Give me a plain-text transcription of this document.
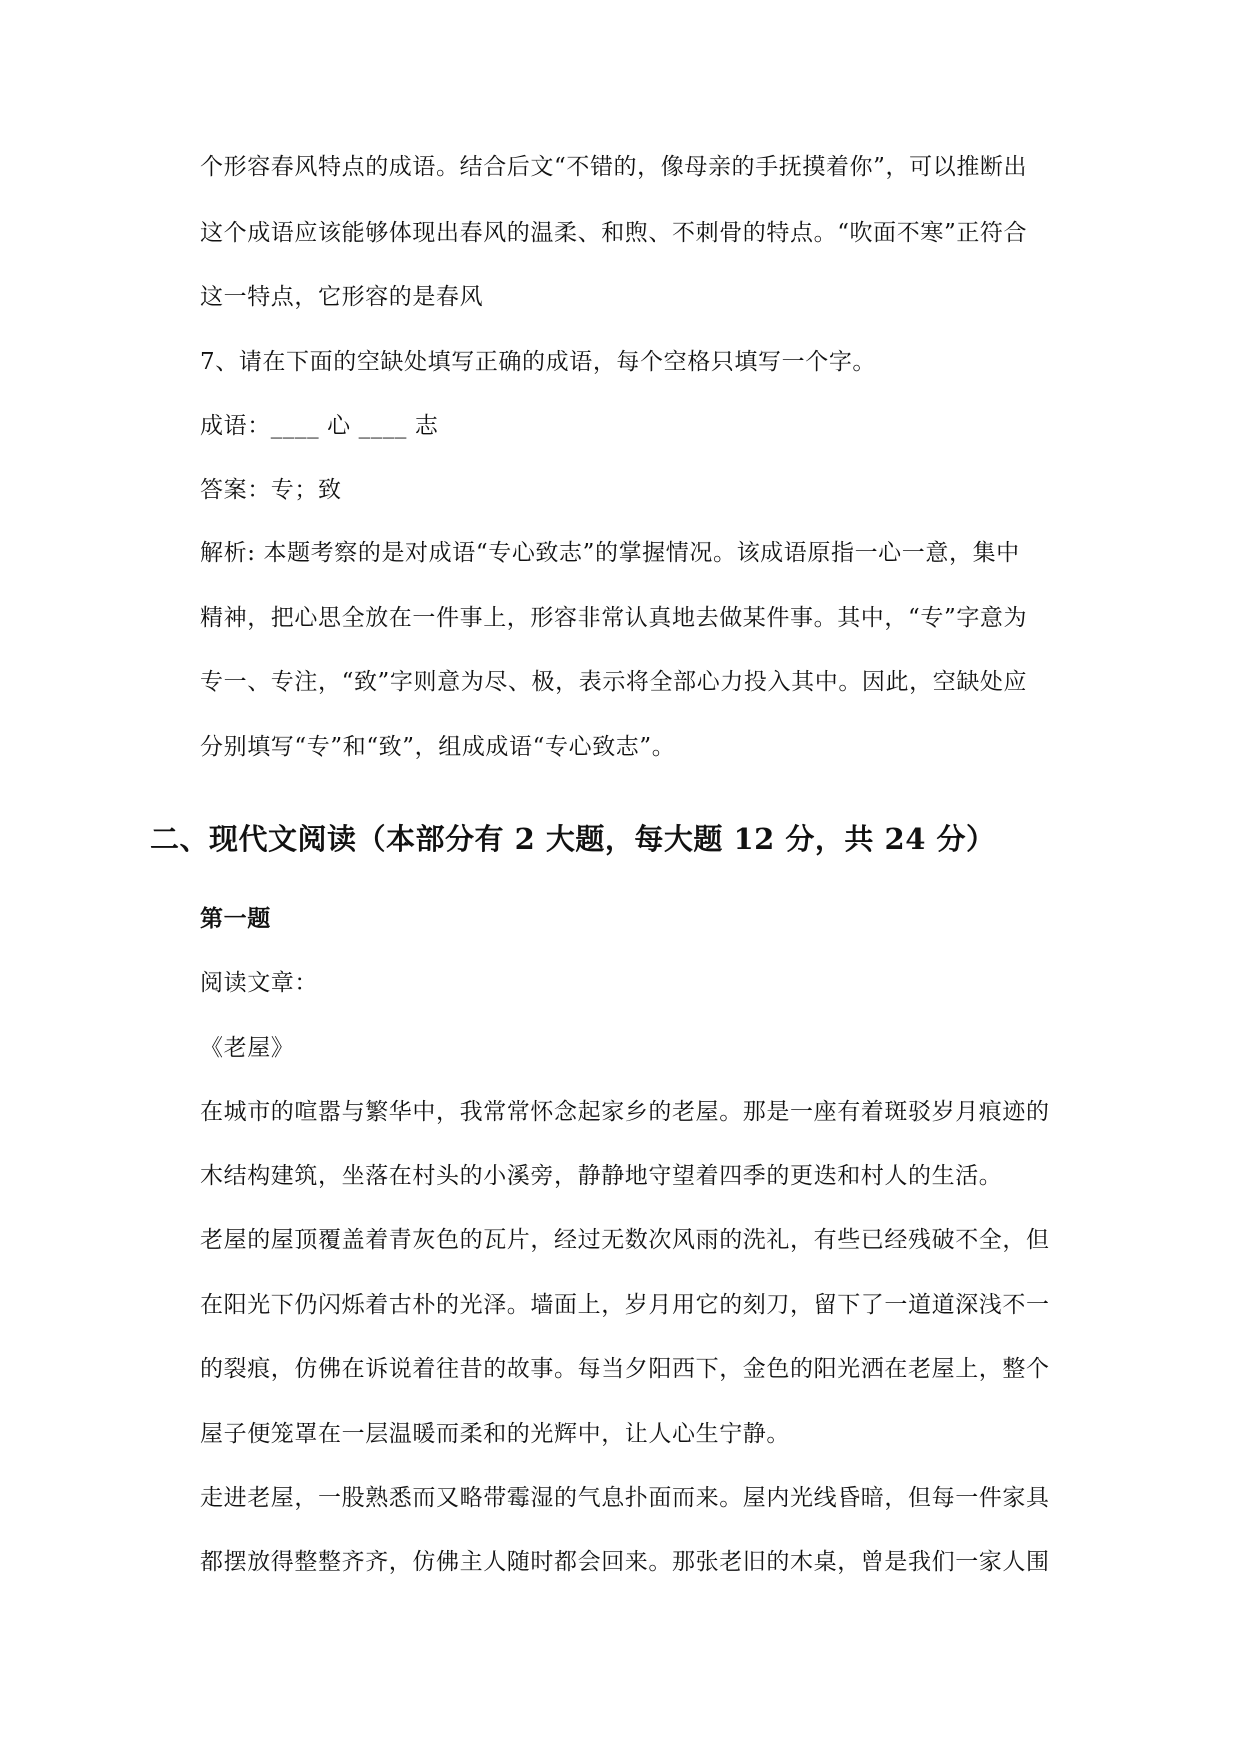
个形容春风特点的成语。结合后文“不错的，像母亲的手抚摸着你”，可以推断出
这个成语应该能够体现出春风的温柔、和煦、不刺骨的特点。“吹面不寒”正符合
这一特点，它形容的是春风
7、请在下面的空缺处填写正确的成语，每个空格只填写一个字。
成语：____ 心 ____ 志
答案：专；致
解析: 本题考察的是对成语“专心致志”的掌握情况。该成语原指一心一意，集中
精神，把心思全放在一件事上，形容非常认真地去做某件事。其中，“专”字意为
专一、专注，“致”字则意为尽、极，表示将全部心力投入其中。因此，空缺处应
分别填写“专”和“致”，组成成语“专心致志”。
二、现代文阅读（本部分有 2 大题，每大题 12 分，共 24 分）
第一题
阅读文章：
《老屋》
在城市的喧嚣与繁华中，我常常怀念起家乡的老屋。那是一座有着斑驳岁月痕迹的
木结构建筑，坐落在村头的小溪旁，静静地守望着四季的更迭和村人的生活。
老屋的屋顶覆盖着青灰色的瓦片，经过无数次风雨的洗礼，有些已经残破不全，但
在阳光下仍闪烁着古朴的光泽。墙面上，岁月用它的刻刀，留下了一道道深浅不一
的裂痕，仿佛在诉说着往昔的故事。每当夕阳西下，金色的阳光洒在老屋上，整个
屋子便笼罩在一层温暖而柔和的光辉中，让人心生宁静。
走进老屋，一股熟悉而又略带霉湿的气息扑面而来。屋内光线昏暗，但每一件家具
都摆放得整整齐齐，仿佛主人随时都会回来。那张老旧的木桌，曾是我们一家人围
